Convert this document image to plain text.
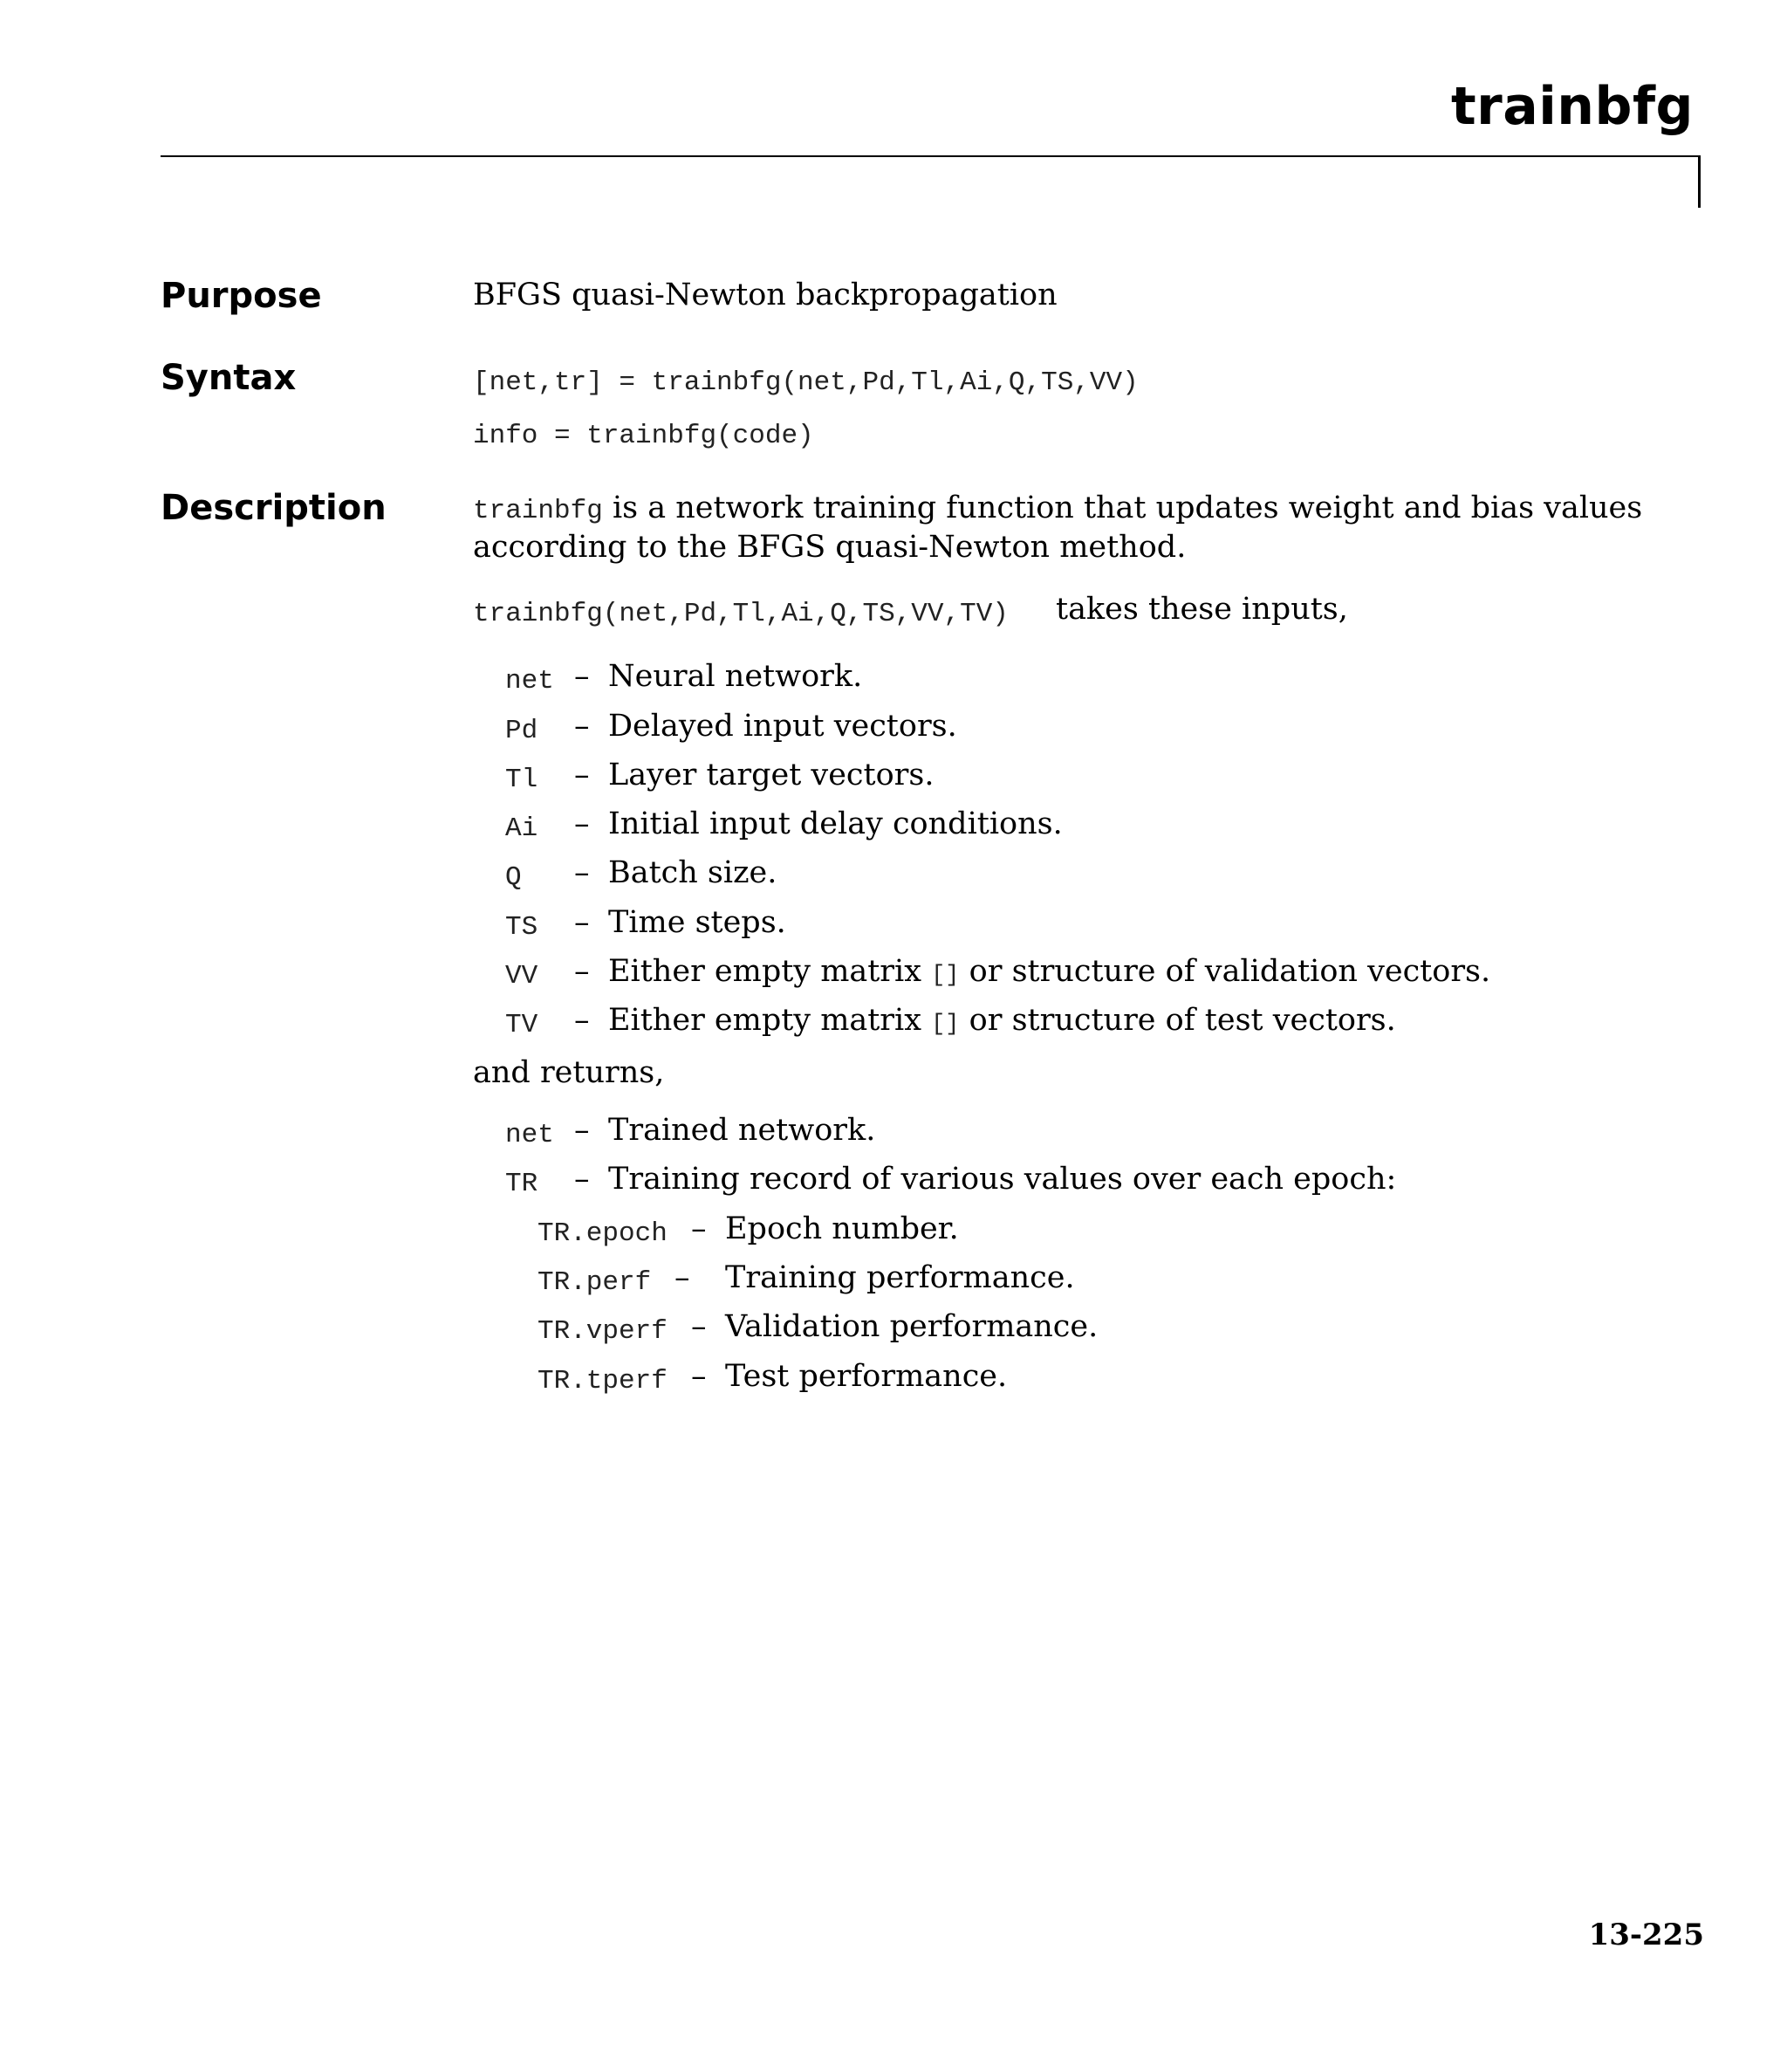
trainbfg
Purpose	BFGS quasi-Newton backpropagation
Syntax	[net,tr] = trainbfg(net,Pd,Tl,Ai,Q,TS,VV)
info = trainbfg(code)
Description	trainbfg is a network training function that updates weight and bias values
according to the BFGS quasi-Newton method.
trainbfg(net,Pd,Tl,Ai,Q,TS,VV,TV) takes these inputs,
net – Neural network.
Pd – Delayed input vectors.
Tl – Layer target vectors.
Ai – Initial input delay conditions.
Q – Batch size.
TS – Time steps.
VV – Either empty matrix [] or structure of validation vectors.
TV – Either empty matrix [] or structure of test vectors.
and returns,
net – Trained network.
TR – Training record of various values over each epoch:
TR.epoch – Epoch number.
TR.perf – Training performance.
TR.vperf – Validation performance.
TR.tperf – Test performance.
13-225
